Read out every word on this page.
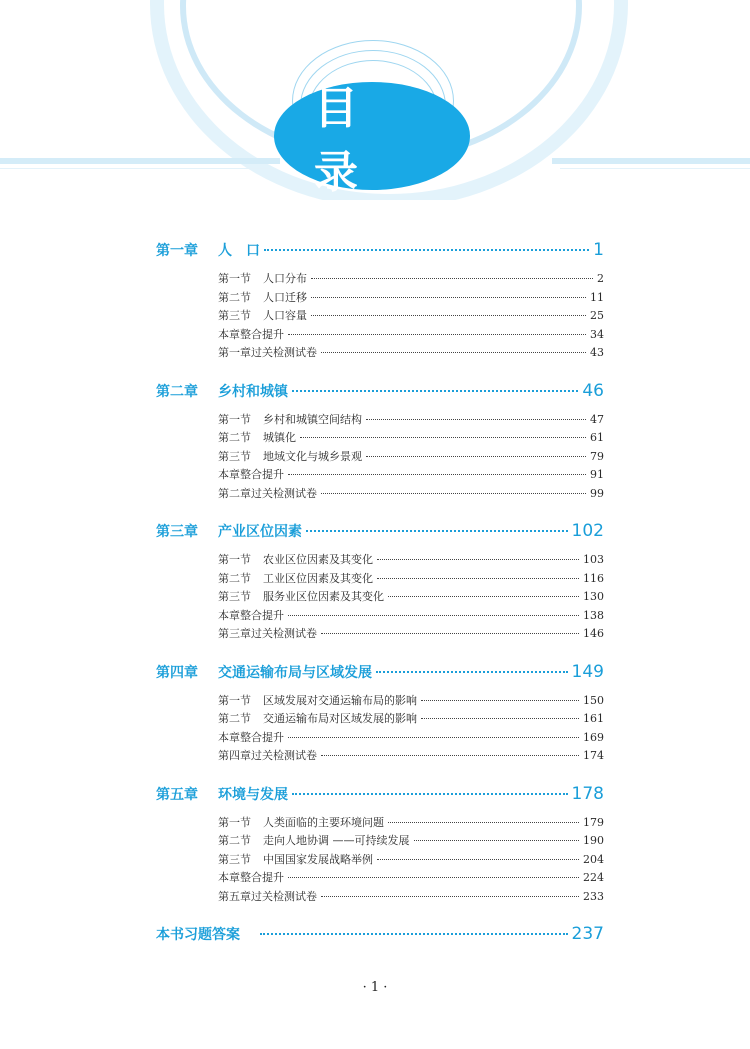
目 录
第一章	人　口	1
第一节 人口分布	2
第二节 人口迁移	11
第三节 人口容量	25
本章整合提升	34
第一章过关检测试卷	43
第二章	乡村和城镇	46
第一节 乡村和城镇空间结构	47
第二节 城镇化	61
第三节 地域文化与城乡景观	79
本章整合提升	91
第二章过关检测试卷	99
第三章	产业区位因素	102
第一节 农业区位因素及其变化	103
第二节 工业区位因素及其变化	116
第三节 服务业区位因素及其变化	130
本章整合提升	138
第三章过关检测试卷	146
第四章	交通运输布局与区域发展	149
第一节 区域发展对交通运输布局的影响	150
第二节 交通运输布局对区域发展的影响	161
本章整合提升	169
第四章过关检测试卷	174
第五章	环境与发展	178
第一节 人类面临的主要环境问题	179
第二节 走向人地协调 ——可持续发展	190
第三节 中国国家发展战略举例	204
本章整合提升	224
第五章过关检测试卷	233
本书习题答案	237
· 1 ·
